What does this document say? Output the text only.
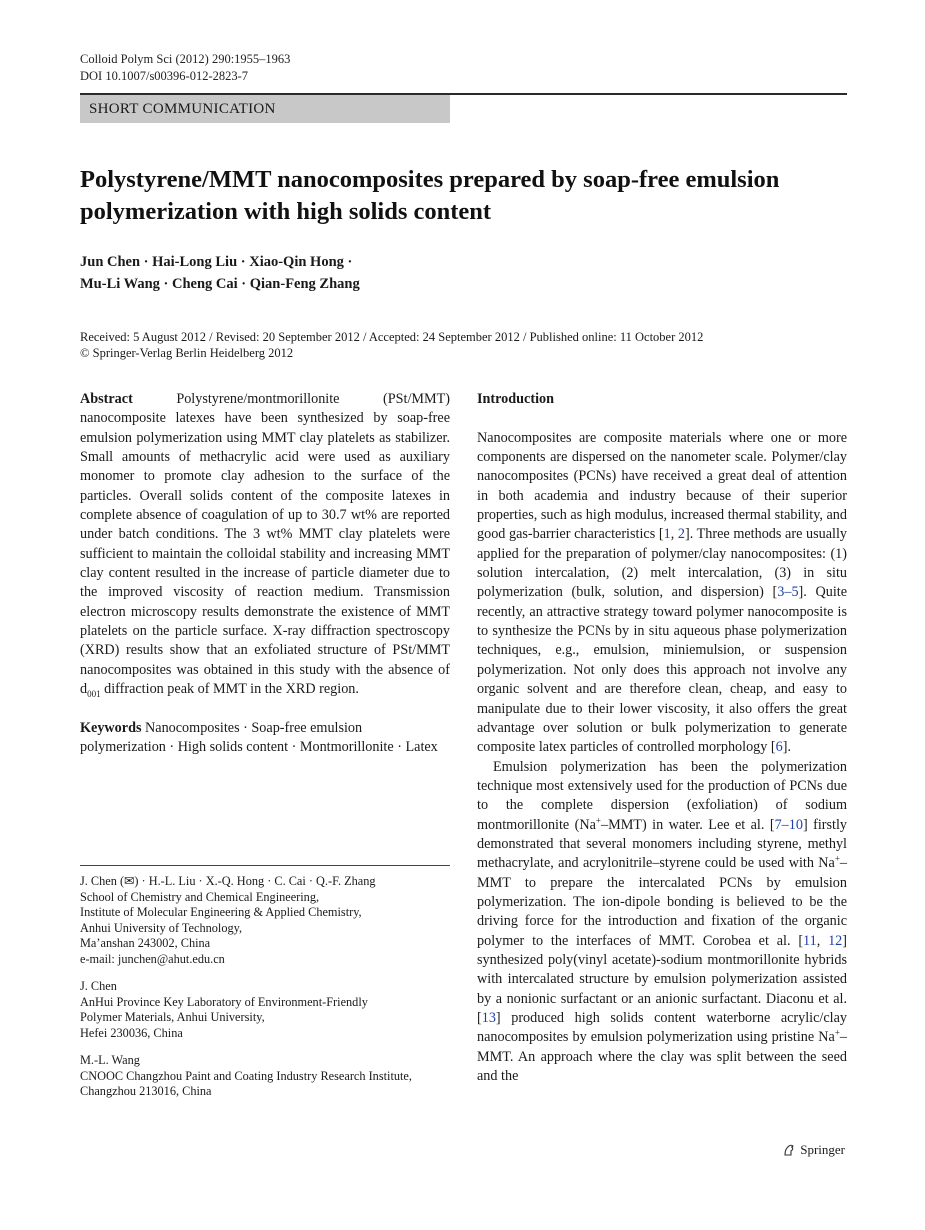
Colloid Polym Sci (2012) 290:1955–1963
DOI 10.1007/s00396-012-2823-7
SHORT COMMUNICATION
Polystyrene/MMT nanocomposites prepared by soap-free emulsion polymerization with high solids content
Jun Chen · Hai-Long Liu · Xiao-Qin Hong ·
Mu-Li Wang · Cheng Cai · Qian-Feng Zhang
Received: 5 August 2012 / Revised: 20 September 2012 / Accepted: 24 September 2012 / Published online: 11 October 2012
© Springer-Verlag Berlin Heidelberg 2012

Abstract	Polystyrene/montmorillonite (PSt/MMT) nanocomposite latexes have been synthesized by soap-free emulsion polymerization using MMT clay platelets as stabilizer. Small amounts of methacrylic acid were used as auxiliary monomer to promote clay adhesion to the surface of the particles. Overall solids content of the composite latexes in complete absence of coagulation of up to 30.7 wt% are reported under batch conditions. The 3 wt% MMT clay platelets were sufficient to maintain the colloidal stability and increasing MMT clay content resulted in the increase of particle diameter due to the improved viscosity of reaction medium. Transmission electron microscopy results demonstrate the existence of MMT platelets on the particle surface. X-ray diffraction spectroscopy (XRD) results show that an exfoliated structure of PSt/MMT nanocomposites was obtained in this study with the absence of $d_{001}$ diffraction peak of MMT in the XRD region.

Keywords Nanocomposites · Soap-free emulsion polymerization · High solids content · Montmorillonite · Latex

J. Chen (✉) · H.-L. Liu · X.-Q. Hong · C. Cai · Q.-F. Zhang
School of Chemistry and Chemical Engineering,
Institute of Molecular Engineering & Applied Chemistry,
Anhui University of Technology,
Ma’anshan 243002, China
e-mail: junchen@ahut.edu.cn

J. Chen
AnHui Province Key Laboratory of Environment-Friendly
Polymer Materials, Anhui University,
Hefei 230036, China

M.-L. Wang
CNOOC Changzhou Paint and Coating Industry Research Institute,
Changzhou 213016, China

Introduction

Nanocomposites are composite materials where one or more components are dispersed on the nanometer scale. Polymer/clay nanocomposites (PCNs) have received a great deal of attention in both academia and industry because of their superior properties, such as high modulus, increased thermal stability, and good gas-barrier characteristics [1, 2]. Three methods are usually applied for the preparation of polymer/clay nanocomposites: (1) solution intercalation, (2) melt intercalation, (3) in situ polymerization (bulk, solution, and dispersion) [3–5]. Quite recently, an attractive strategy toward polymer nanocomposite is to synthesize the PCNs by in situ aqueous phase polymerization techniques, e.g., emulsion, miniemulsion, or suspension polymerization. Not only does this approach not involve any organic solvent and are therefore clean, cheap, and easy to manipulate due to their lower viscosity, it also offers the great advantage over solution or bulk polymerization to generate composite latex particles of controlled morphology [6].

Emulsion polymerization has been the polymerization technique most extensively used for the production of PCNs due to the complete dispersion (exfoliation) of sodium montmorillonite (Na+–MMT) in water. Lee et al. [7–10] firstly demonstrated that several monomers including styrene, methyl methacrylate, and acrylonitrile–styrene could be used with Na+–MMT to prepare the intercalated PCNs by emulsion polymerization. The ion-dipole bonding is believed to be the driving force for the introduction and fixation of the organic polymer to the interfaces of MMT. Corobea et al. [11, 12] synthesized poly(vinyl acetate)-sodium montmorillonite hybrids with intercalated structure by emulsion polymerization assisted by a nonionic surfactant or an anionic surfactant. Diaconu et al. [13] produced high solids content waterborne acrylic/clay nanocomposites by emulsion polymerization using pristine Na+–MMT. An approach where the clay was split between the seed and the

Springer
